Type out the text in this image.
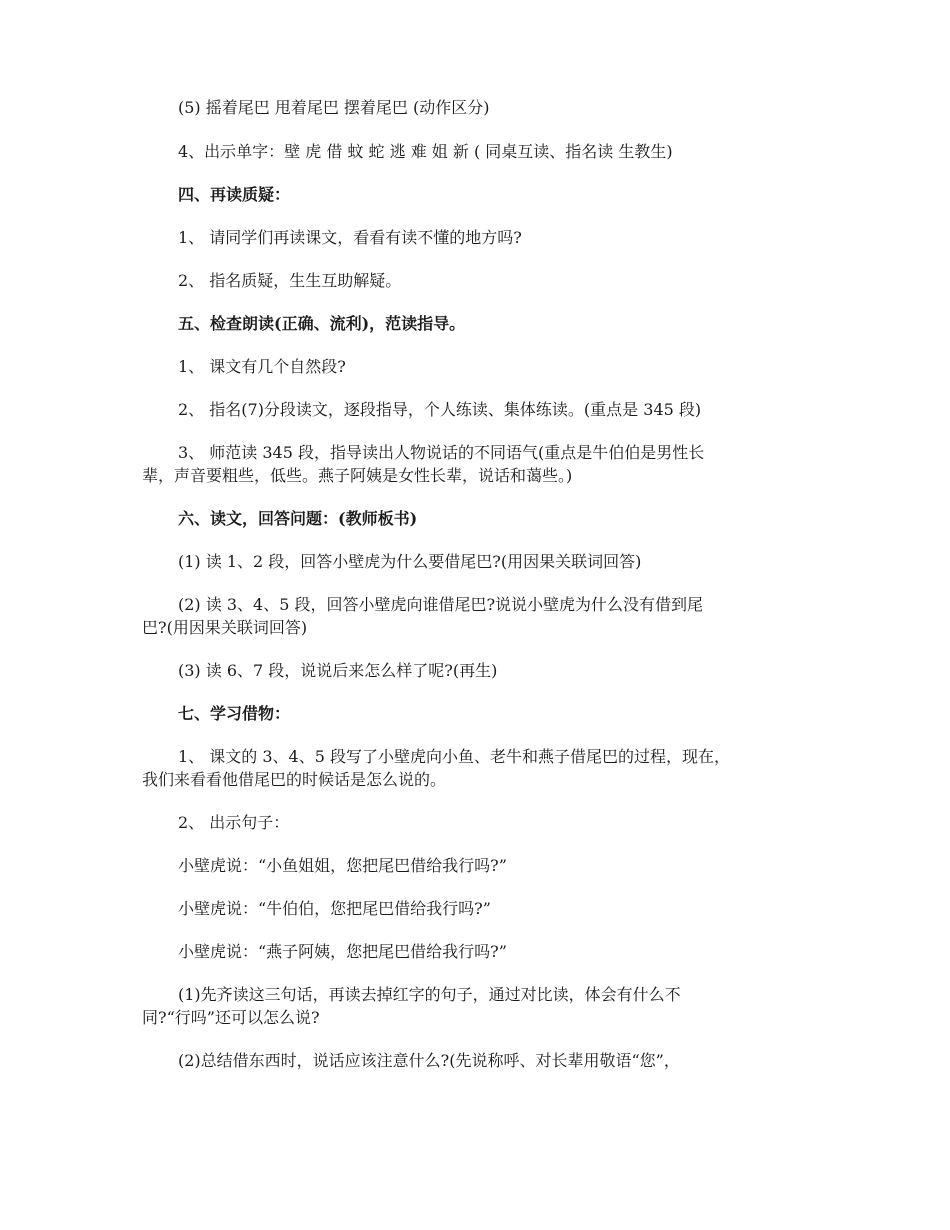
(5) 摇着尾巴 甩着尾巴 摆着尾巴 (动作区分)
4、出示单字：壁 虎 借 蚊 蛇 逃 难 姐 新 ( 同桌互读、指名读 生教生)
四、再读质疑：
1、 请同学们再读课文，看看有读不懂的地方吗?
2、 指名质疑，生生互助解疑。
五、检查朗读(正确、流利)，范读指导。
1、 课文有几个自然段?
2、 指名(7)分段读文，逐段指导，个人练读、集体练读。(重点是 345 段)
3、 师范读 345 段，指导读出人物说话的不同语气(重点是牛伯伯是男性长
辈，声音要粗些，低些。燕子阿姨是女性长辈，说话和蔼些。)
六、读文，回答问题：(教师板书)
(1) 读 1、2 段，回答小壁虎为什么要借尾巴?(用因果关联词回答)
(2) 读 3、4、5 段，回答小壁虎向谁借尾巴?说说小壁虎为什么没有借到尾
巴?(用因果关联词回答)
(3) 读 6、7 段，说说后来怎么样了呢?(再生)
七、学习借物：
1、 课文的 3、4、5 段写了小壁虎向小鱼、老牛和燕子借尾巴的过程，现在，
我们来看看他借尾巴的时候话是怎么说的。
2、 出示句子：
小壁虎说：“小鱼姐姐，您把尾巴借给我行吗?”
小壁虎说：“牛伯伯，您把尾巴借给我行吗?”
小壁虎说：“燕子阿姨，您把尾巴借给我行吗?”
(1)先齐读这三句话，再读去掉红字的句子，通过对比读，体会有什么不
同?“行吗”还可以怎么说?
(2)总结借东西时，说话应该注意什么?(先说称呼、对长辈用敬语“您”，
